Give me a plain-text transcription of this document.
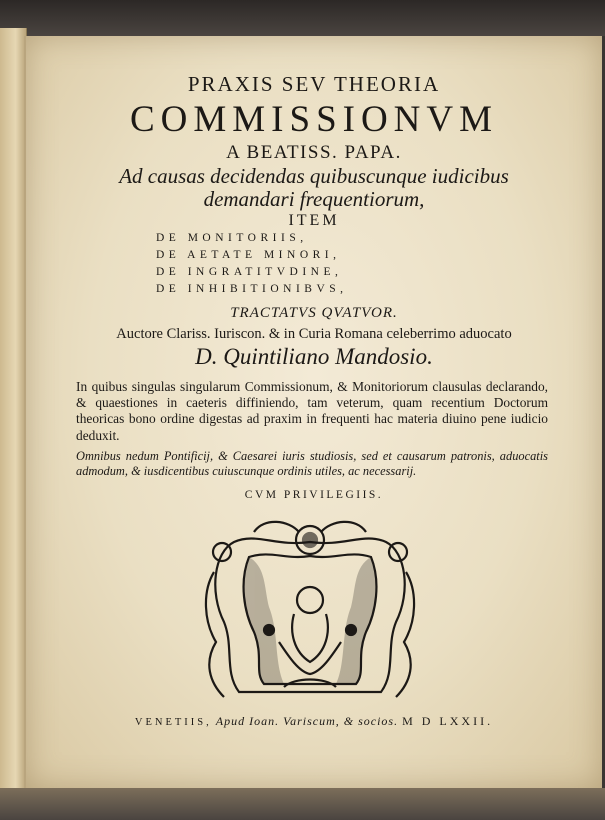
PRAXIS SEV THEORIA
COMMISSIONVM
A BEATISS. PAPA.
Ad causas decidendas quibuscunque iudicibus
demandari frequentiorum,
ITEM
DE MONITORIIS,
DE AETATE MINORI,
DE INGRATITVDINE,
DE INHIBITIONIBVS,
TRACTATVS QVATVOR.
Auctore Clariss. Iuriscon. & in Curia Romana celeberrimo aduocato
D. Quintiliano Mandosio.
In quibus singulas singularum Commissionum, & Monitoriorum clausulas declarando, & quaestiones in caeteris diffiniendo, tam veterum, quam recentium Doctorum theoricas bono ordine digestas ad praxim in frequenti hac materia diuino pene iudicio deduxit.
Omnibus nedum Pontificij, & Caesarei iuris studiosis, sed et causarum patronis, aduocatis admodum, & iusdicentibus cuiuscunque ordinis utiles, ac necessarij.
CVM PRIVILEGIIS.
VENETIIS, Apud Ioan. Variscum, & socios. M D LXXII.
